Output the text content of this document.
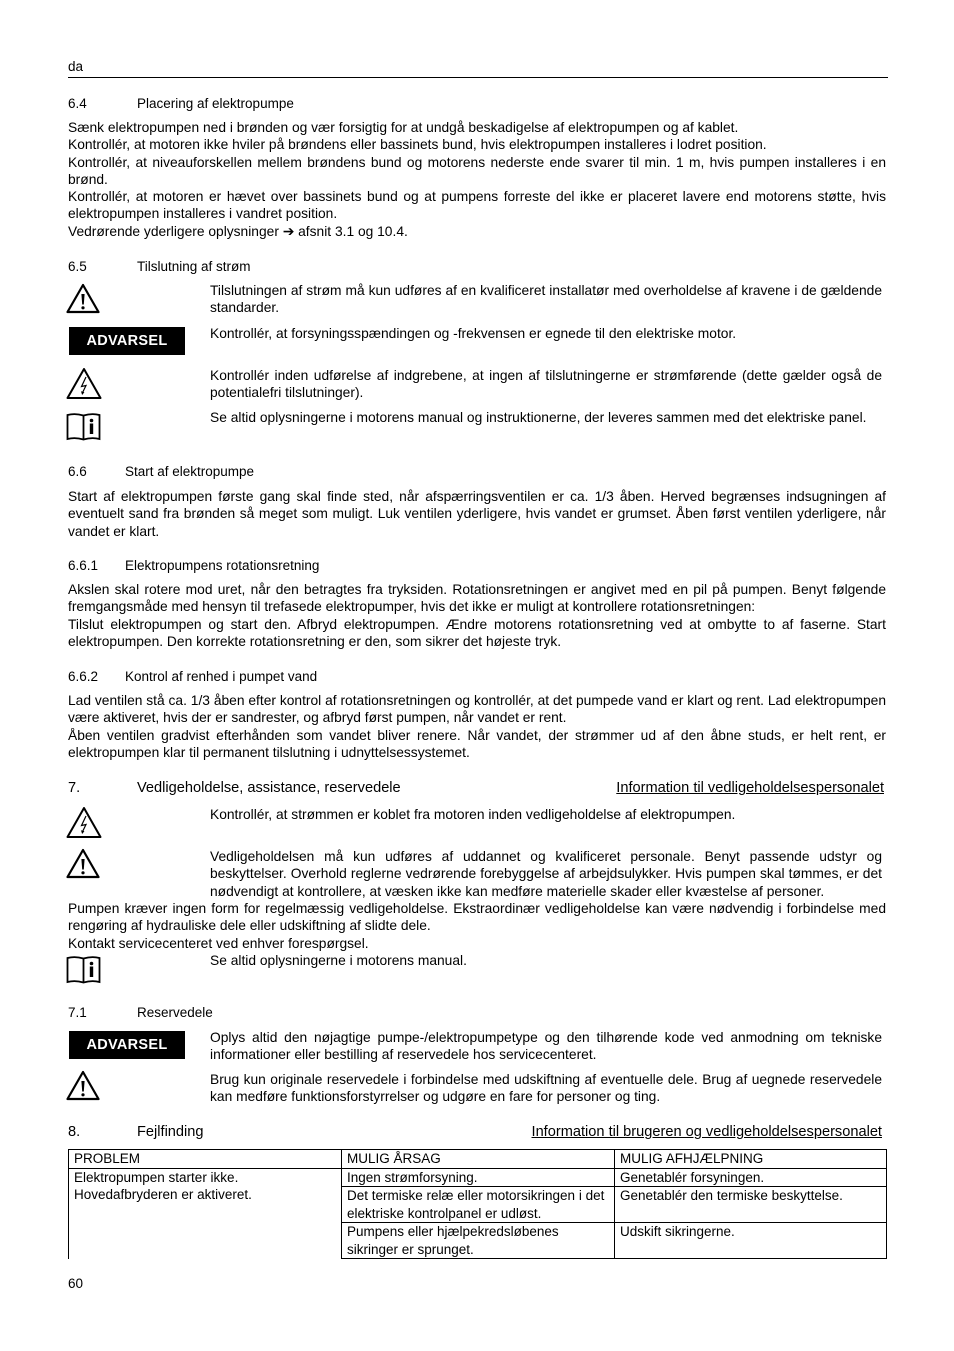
da
6.4	Placering af elektropumpe

Sænk elektropumpen ned i brønden og vær forsigtig for at undgå beskadigelse af elektropumpen og af kablet.

Kontrollér, at motoren ikke hviler på brøndens eller bassinets bund, hvis elektropumpen installeres i lodret position.

Kontrollér, at niveauforskellen mellem brøndens bund og motorens nederste ende svarer til min. 1 m, hvis pumpen installeres i en brønd.

Kontrollér, at motoren er hævet over bassinets bund og at pumpens forreste del ikke er placeret lavere end motorens støtte, hvis elektropumpen installeres i vandret position.

Vedrørende yderligere oplysninger ➔ afsnit 3.1 og 10.4.

6.5	Tilslutning af strøm

Tilslutningen af strøm må kun udføres af en kvalificeret installatør med overholdelse af kravene i de gældende standarder.

ADVARSEL	Kontrollér, at forsyningsspændingen og -frekvensen er egnede til den elektriske motor.

Kontrollér inden udførelse af indgrebene, at ingen af tilslutningerne er strømførende (dette gælder også de potentialefri tilslutninger).

Se altid oplysningerne i motorens manual og instruktionerne, der leveres sammen med det elektriske panel.

6.6	Start af elektropumpe

Start af elektropumpen første gang skal finde sted, når afspærringsventilen er ca. 1/3 åben. Herved begrænses indsugningen af eventuelt sand fra brønden så meget som muligt. Luk ventilen yderligere, hvis vandet er grumset. Åben først ventilen yderligere, når vandet er klart.

6.6.1 Elektropumpens rotationsretning

Akslen skal rotere mod uret, når den betragtes fra tryksiden. Rotationsretningen er angivet med en pil på pumpen. Benyt følgende fremgangsmåde med hensyn til trefasede elektropumper, hvis det ikke er muligt at kontrollere rotationsretningen:

Tilslut elektropumpen og start den. Afbryd elektropumpen. Ændre motorens rotationsretning ved at ombytte to af faserne. Start elektropumpen. Den korrekte rotationsretning er den, som sikrer det højeste tryk.

6.6.2 Kontrol af renhed i pumpet vand

Lad ventilen stå ca. 1/3 åben efter kontrol af rotationsretningen og kontrollér, at det pumpede vand er klart og rent. Lad elektropumpen være aktiveret, hvis der er sandrester, og afbryd først pumpen, når vandet er rent.

Åben ventilen gradvist efterhånden som vandet bliver renere. Når vandet, der strømmer ud af den åbne studs, er helt rent, er elektropumpen klar til permanent tilslutning i udnyttelsessystemet.

7.	Vedligeholdelse, assistance, reservedele	Information til vedligeholdelsespersonalet

Kontrollér, at strømmen er koblet fra motoren inden vedligeholdelse af elektropumpen.

Vedligeholdelsen må kun udføres af uddannet og kvalificeret personale. Benyt passende udstyr og beskyttelser. Overhold reglerne vedrørende forebyggelse af arbejdsulykker. Hvis pumpen skal tømmes, er det nødvendigt at kontrollere, at væsken ikke kan medføre materielle skader eller kvæstelse af personer.

Pumpen kræver ingen form for regelmæssig vedligeholdelse. Ekstraordinær vedligeholdelse kan være nødvendig i forbindelse med rengøring af hydrauliske dele eller udskiftning af slidte dele.

Kontakt servicecenteret ved enhver forespørgsel.

Se altid oplysningerne i motorens manual.

7.1	Reservedele
ADVARSEL	Oplys altid den nøjagtige pumpe-/elektropumpetype og den tilhørende kode ved anmodning om tekniske informationer eller bestilling af reservedele hos servicecenteret.

Brug kun originale reservedele i forbindelse med udskiftning af eventuelle dele. Brug af uegnede reservedele kan medføre funktionsforstyrrelser og udgøre en fare for personer og ting.

8.	Fejlfinding	Information til brugeren og vedligeholdelsespersonalet
PROBLEM	MULIG ÅRSAG	MULIG AFHJÆLPNING

Elektropumpen starter ikke.
Hovedafbryderen er aktiveret.	Ingen strømforsyning.	Genetablér forsyningen.
	Det termiske relæ eller motorsikringen i det elektriske kontrolpanel er udløst.	Genetablér den termiske beskyttelse.
	Pumpens eller hjælpekredsløbenes sikringer er sprunget.	Udskift sikringerne.
60
